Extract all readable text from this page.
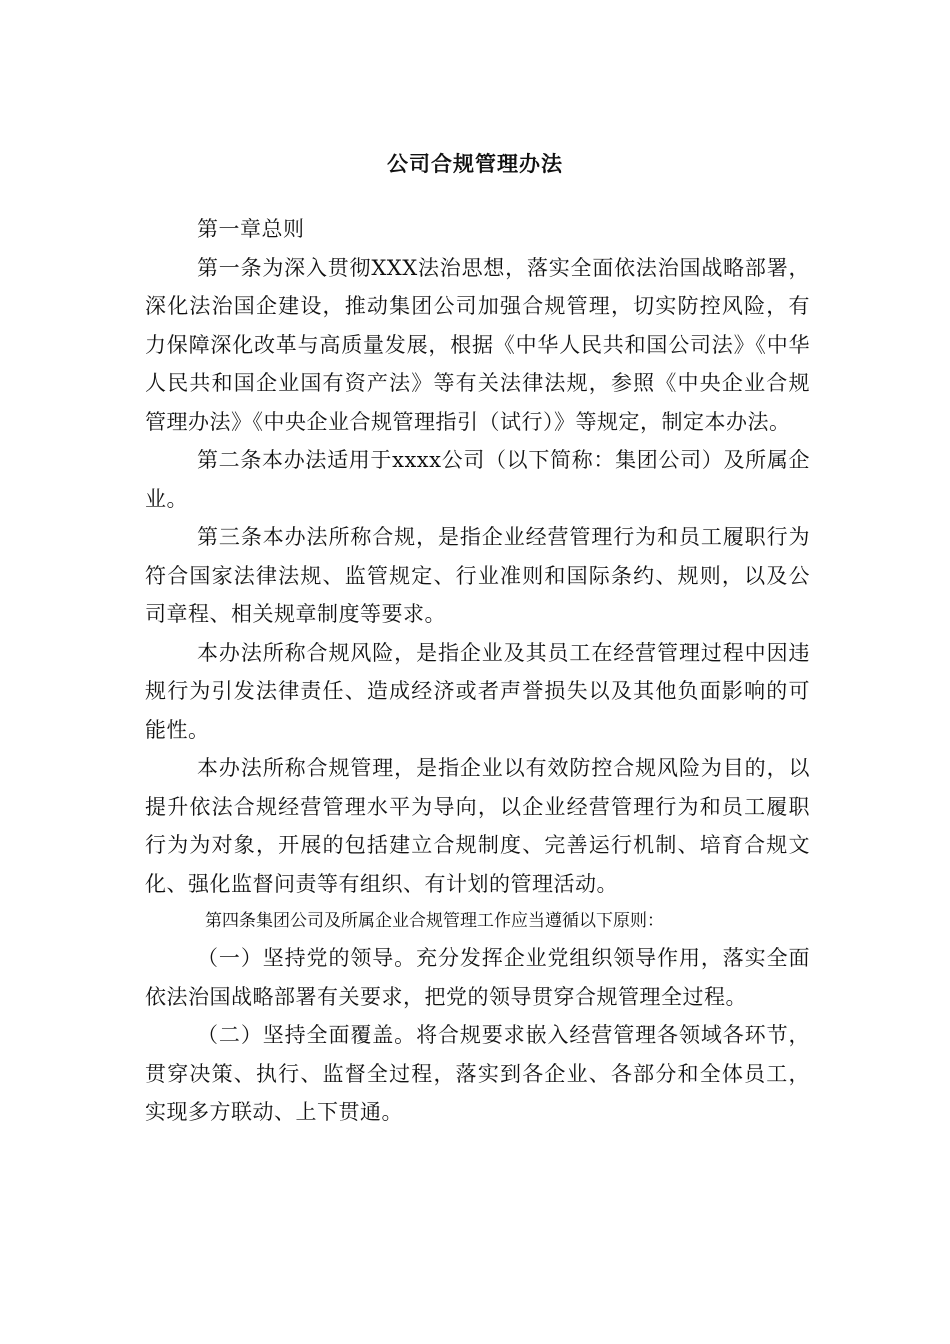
公司合规管理办法

第一章总则

第一条为深入贯彻XXX法治思想，落实全面依法治国战略部署，深化法治国企建设，推动集团公司加强合规管理，切实防控风险，有力保障深化改革与高质量发展，根据《中华人民共和国公司法》《中华人民共和国企业国有资产法》等有关法律法规，参照《中央企业合规管理办法》《中央企业合规管理指引（试行）》等规定，制定本办法。

第二条本办法适用于xxxx公司（以下简称：集团公司）及所属企业。

第三条本办法所称合规，是指企业经营管理行为和员工履职行为符合国家法律法规、监管规定、行业准则和国际条约、规则，以及公司章程、相关规章制度等要求。

本办法所称合规风险，是指企业及其员工在经营管理过程中因违规行为引发法律责任、造成经济或者声誉损失以及其他负面影响的可能性。

本办法所称合规管理，是指企业以有效防控合规风险为目的，以提升依法合规经营管理水平为导向，以企业经营管理行为和员工履职行为为对象，开展的包括建立合规制度、完善运行机制、培育合规文化、强化监督问责等有组织、有计划的管理活动。

第四条集团公司及所属企业合规管理工作应当遵循以下原则：

（一）坚持党的领导。充分发挥企业党组织领导作用，落实全面依法治国战略部署有关要求，把党的领导贯穿合规管理全过程。

（二）坚持全面覆盖。将合规要求嵌入经营管理各领域各环节，贯穿决策、执行、监督全过程，落实到各企业、各部分和全体员工，实现多方联动、上下贯通。
